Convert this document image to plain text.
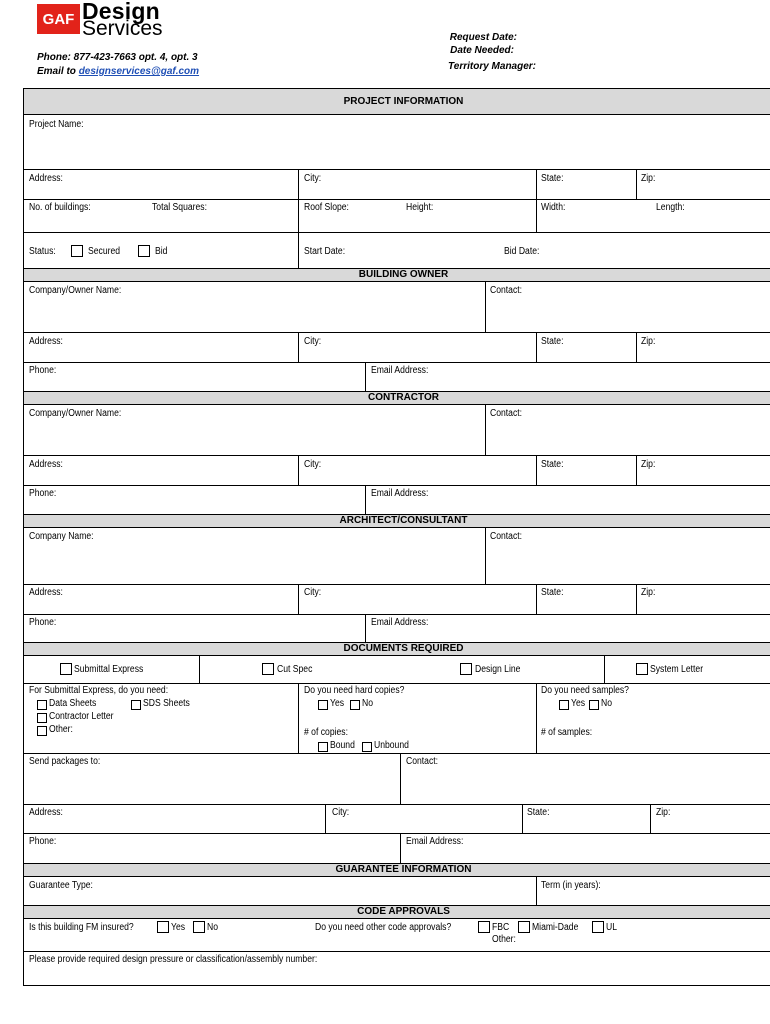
GAF Design
Services
Phone: 877-423-7663 opt. 4, opt. 3
Email to designservices@gaf.com
Request Date:
Date Needed:
Territory Manager:
PROJECT INFORMATION
Project Name:
Address:	City:	State:	Zip:
No. of buildings:	Total Squares:	Roof Slope:	Height:	Width:	Length:
Status:	Secured	Bid	Start Date:	Bid Date:
BUILDING OWNER
Company/Owner Name:	Contact:
Address:	City:	State:	Zip:
Phone:	Email Address:
CONTRACTOR
Company/Owner Name:	Contact:
Address:	City:	State:	Zip:
Phone:	Email Address:
ARCHITECT/CONSULTANT
Company Name:	Contact:
Address:	City:	State:	Zip:
Phone:	Email Address:
DOCUMENTS REQUIRED
Submittal Express	Cut Spec	Design Line	System Letter
For Submittal Express, do you need:
Data Sheets	SDS Sheets
Contractor Letter
Other:
Do you need hard copies?
Yes No
# of copies:
Bound Unbound
Do you need samples?
Yes No
# of samples:
Send packages to:	Contact:
Address:	City:	State:	Zip:
Phone:	Email Address:
GUARANTEE INFORMATION
Guarantee Type:	Term (in years):
CODE APPROVALS
Is this building FM insured?	Yes No	Do you need other code approvals?	FBC Miami-Dade	UL
Other:
Please provide required design pressure or classification/assembly number:
